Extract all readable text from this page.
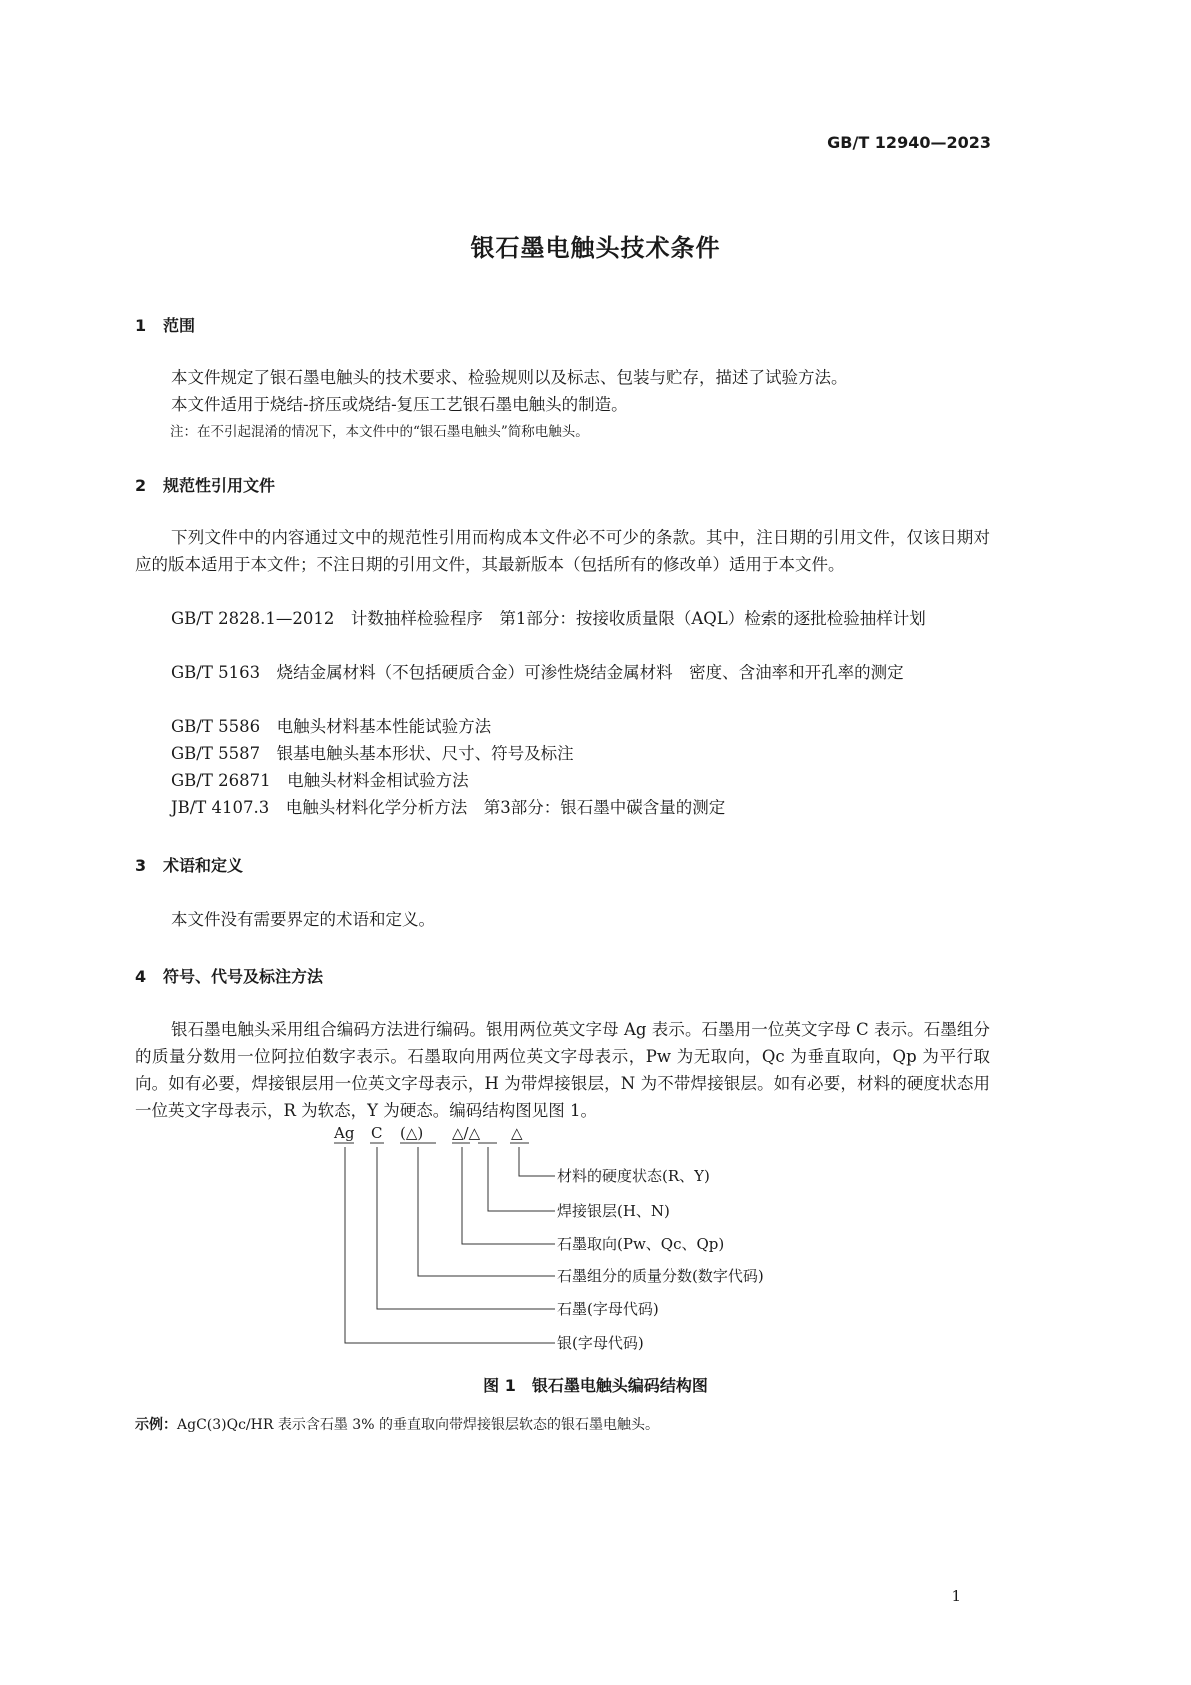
GB/T 12940—2023
银石墨电触头技术条件
1 范围
本文件规定了银石墨电触头的技术要求、检验规则以及标志、包装与贮存，描述了试验方法。
本文件适用于烧结-挤压或烧结-复压工艺银石墨电触头的制造。
注：在不引起混淆的情况下，本文件中的“银石墨电触头”简称电触头。
2 规范性引用文件
下列文件中的内容通过文中的规范性引用而构成本文件必不可少的条款。其中，注日期的引用文件，仅该日期对应的版本适用于本文件；不注日期的引用文件，其最新版本（包括所有的修改单）适用于本文件。
GB/T 2828.1—2012　计数抽样检验程序　第1部分：按接收质量限（AQL）检索的逐批检验抽样计划
GB/T 5163　烧结金属材料（不包括硬质合金）可渗性烧结金属材料　密度、含油率和开孔率的测定
GB/T 5586　电触头材料基本性能试验方法
GB/T 5587　银基电触头基本形状、尺寸、符号及标注
GB/T 26871　电触头材料金相试验方法
JB/T 4107.3　电触头材料化学分析方法　第3部分：银石墨中碳含量的测定
3 术语和定义
本文件没有需要界定的术语和定义。
4 符号、代号及标注方法
银石墨电触头采用组合编码方法进行编码。银用两位英文字母 Ag 表示。石墨用一位英文字母 C 表示。石墨组分的质量分数用一位阿拉伯数字表示。石墨取向用两位英文字母表示，Pw 为无取向，Qc 为垂直取向，Qp 为平行取向。如有必要，焊接银层用一位英文字母表示，H 为带焊接银层，N 为不带焊接银层。如有必要，材料的硬度状态用一位英文字母表示，R 为软态，Y 为硬态。编码结构图见图 1。
Ag C (△) △/△ △
材料的硬度状态(R、Y)
焊接银层(H、N)
石墨取向(Pw、Qc、Qp)
石墨组分的质量分数(数字代码)
石墨(字母代码)
银(字母代码)
图 1　银石墨电触头编码结构图
示例：AgC(3)Qc/HR 表示含石墨 3% 的垂直取向带焊接银层软态的银石墨电触头。
1
